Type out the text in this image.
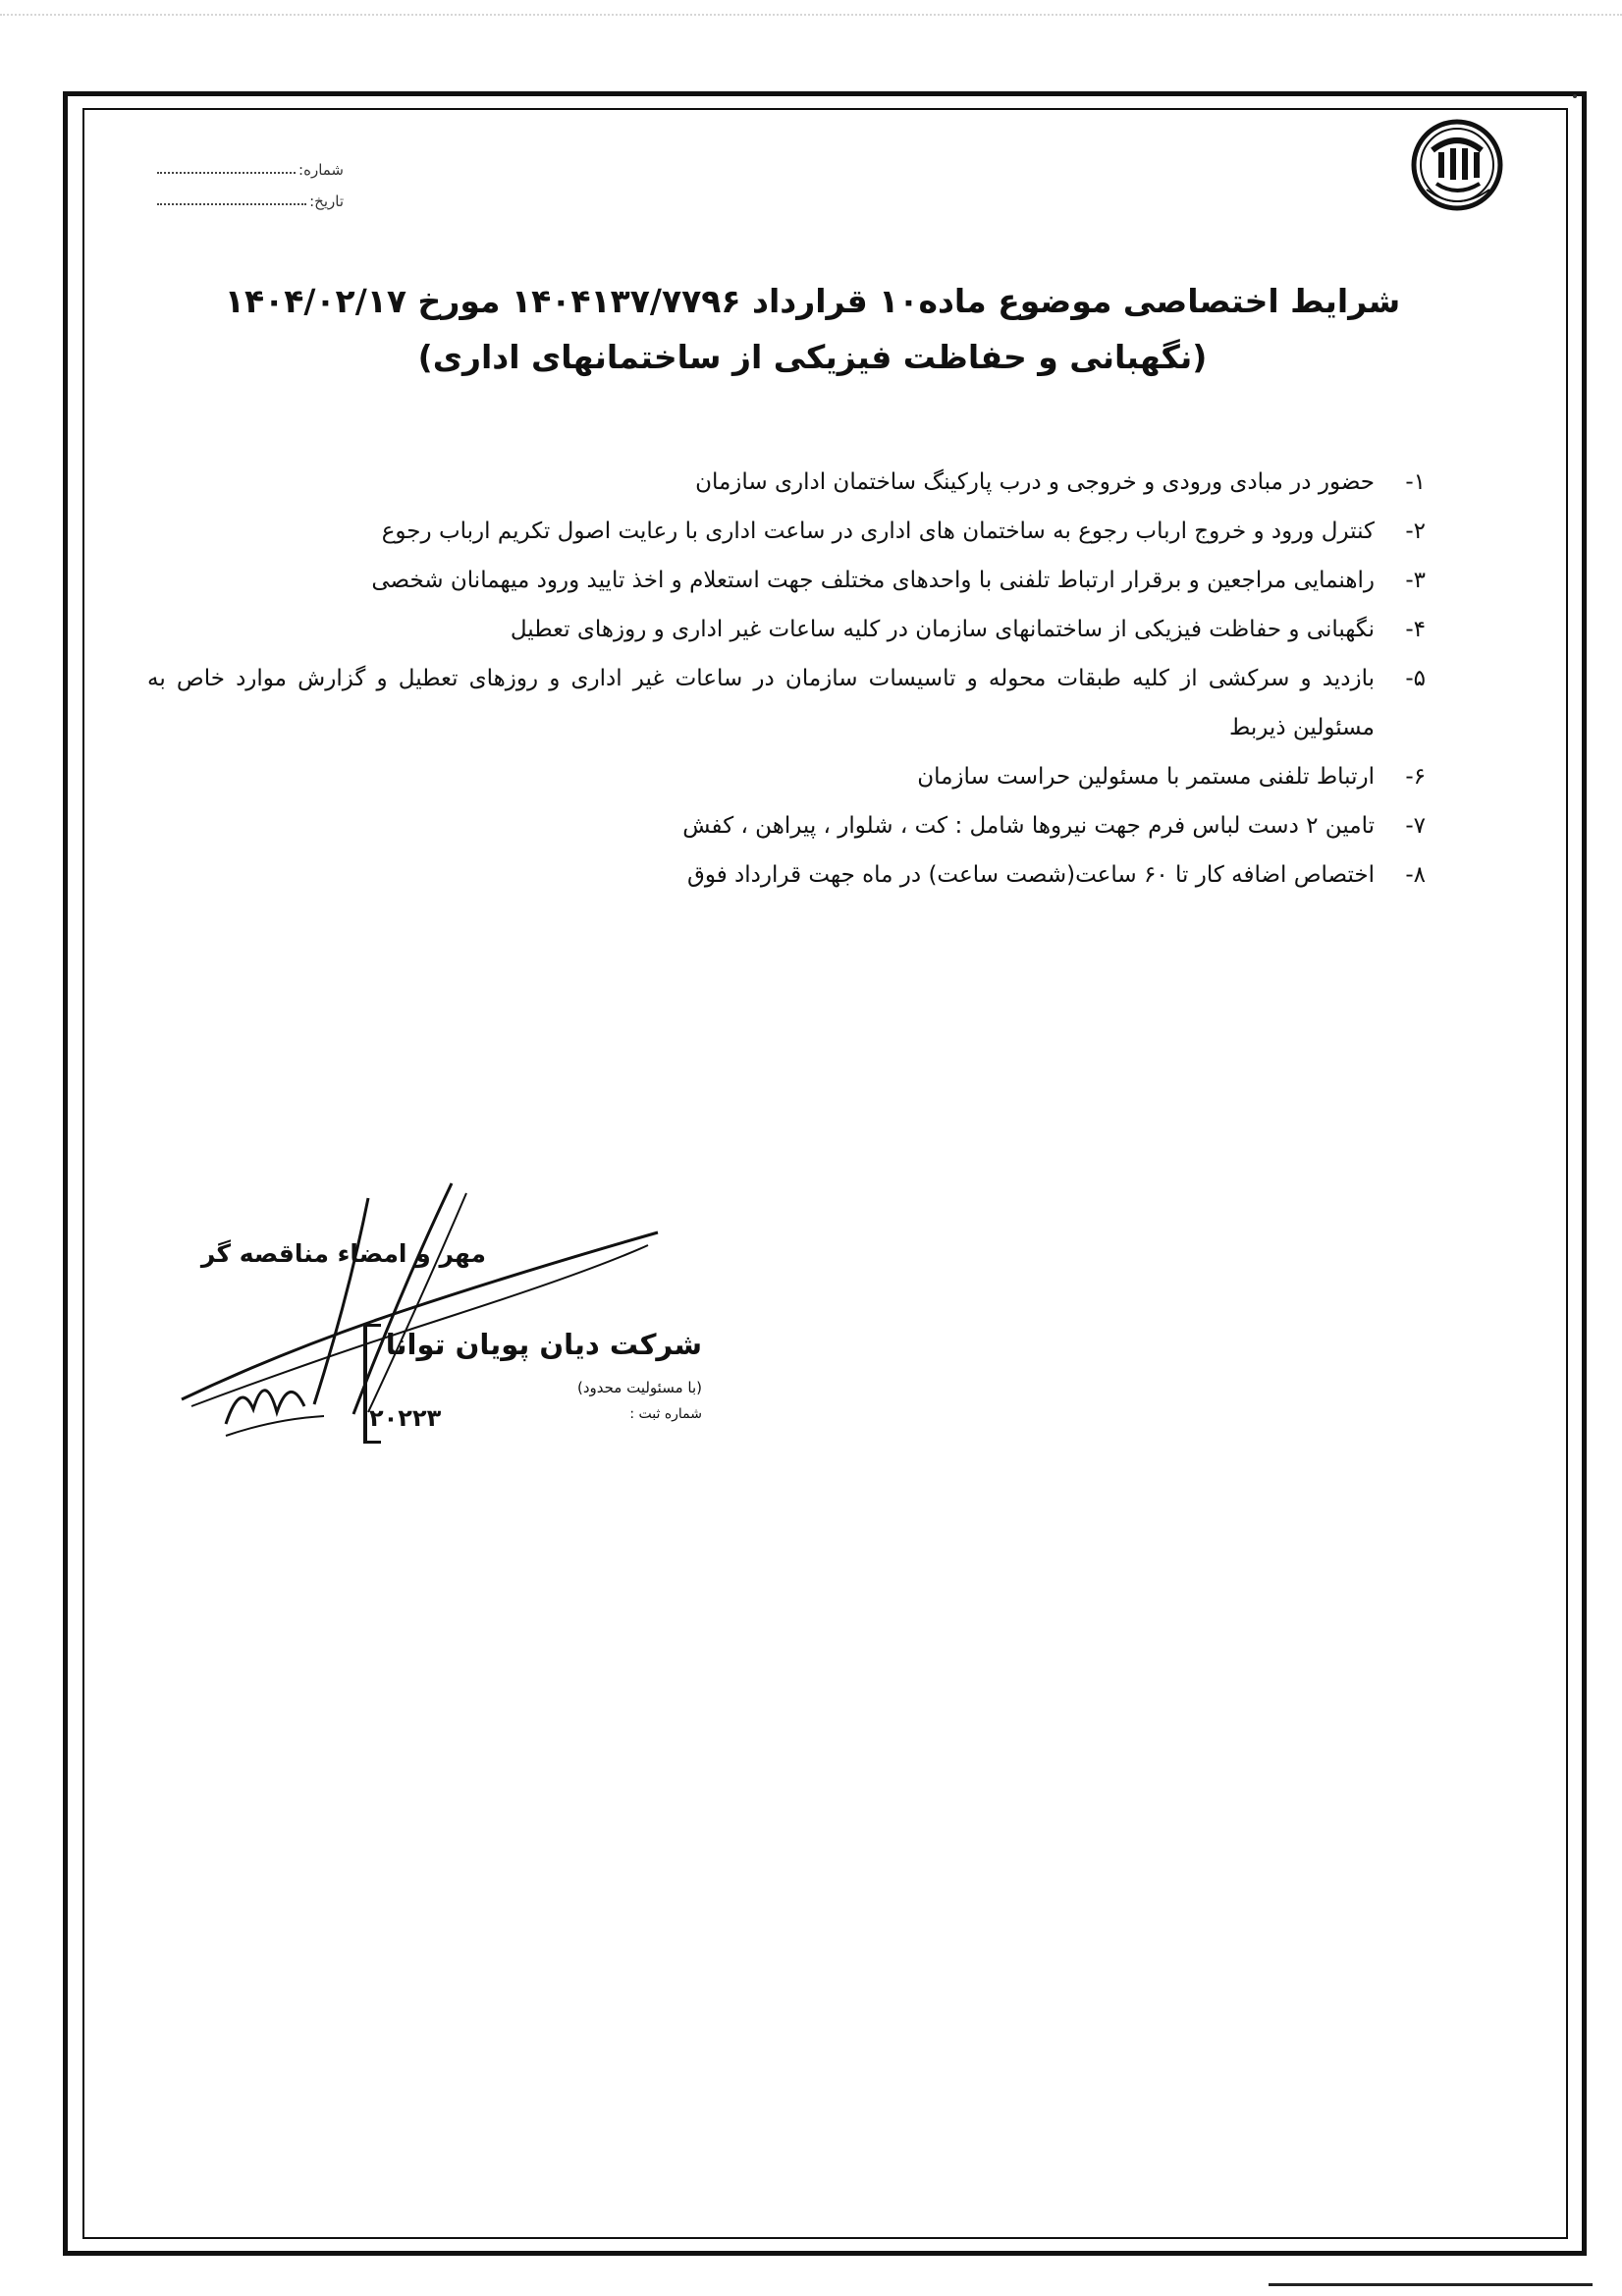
شماره:
تاریخ:
شرایط اختصاصی موضوع ماده۱۰ قرارداد ۱۴۰۴۱۳۷/۷۷۹۶ مورخ ۱۴۰۴/۰۲/۱۷
(نگهبانی و حفاظت فیزیکی از ساختمانهای اداری)
۱-
حضور در مبادی ورودی و خروجی و درب پارکینگ ساختمان اداری سازمان
۲-
کنترل ورود و خروج ارباب رجوع به ساختمان های اداری در ساعت اداری با رعایت اصول تکریم ارباب رجوع
۳-
راهنمایی مراجعین و برقرار ارتباط تلفنی با واحدهای مختلف جهت استعلام و اخذ تایید ورود میهمانان شخصی
۴-
نگهبانی و حفاظت فیزیکی از ساختمانهای سازمان در کلیه ساعات غیر اداری و روزهای تعطیل
۵-
بازدید و سرکشی از کلیه طبقات محوله و تاسیسات سازمان در ساعات غیر اداری و روزهای تعطیل و گزارش موارد خاص به مسئولین ذیربط
۶-
ارتباط تلفنی مستمر با مسئولین حراست سازمان
۷-
تامین ۲ دست لباس فرم جهت نیروها شامل : کت ، شلوار ، پیراهن ، کفش
۸-
اختصاص اضافه کار تا ۶۰ ساعت(شصت ساعت) در ماه جهت قرارداد فوق
مهر و امضاء مناقصه گر
شرکت دیان پویان توانا
(با مسئولیت محدود)
شماره ثبت :
۲۰۲۲۳
